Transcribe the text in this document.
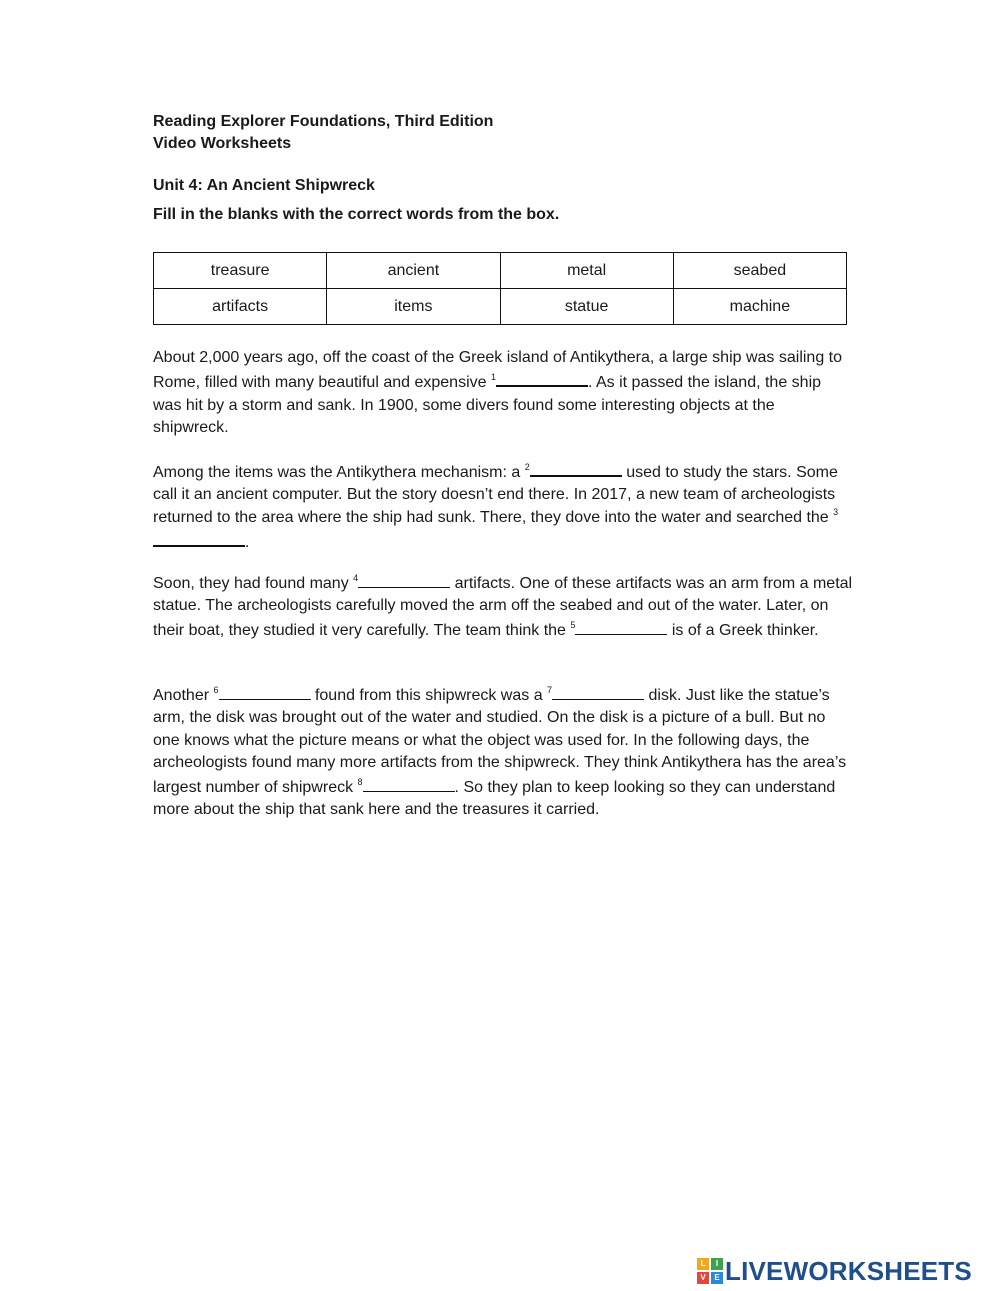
Reading Explorer Foundations, Third Edition
Video Worksheets
Unit 4: An Ancient Shipwreck
Fill in the blanks with the correct words from the box.
treasure	ancient	metal	seabed
artifacts	items	statue	machine

About 2,000 years ago, off the coast of the Greek island of Antikythera, a large ship was sailing to Rome, filled with many beautiful and expensive $^1$	. As it passed the island, the ship was hit by a storm and sank. In 1900, some divers found some interesting objects at the shipwreck.

Among the items was the Antikythera mechanism: a $^2$	used to study the stars. Some call it an ancient computer. But the story doesn’t end there. In 2017, a new team of archeologists returned to the area where the ship had sunk. There, they dove into the water and searched the $^3$.

Soon, they had found many $^4$	artifacts. One of these artifacts was an arm from a metal statue. The archeologists carefully moved the arm off the seabed and out of the water. Later, on their boat, they studied it very carefully. The team think the $^5$	is of a Greek thinker.

Another $^6$	found from this shipwreck was a $^7$	disk. Just like the statue’s arm, the disk was brought out of the water and studied. On the disk is a picture of a bull. But no one knows what the picture means or what the object was used for. In the following days, the archeologists found many more artifacts from the shipwreck. They think Antikythera has the area’s largest number of shipwreck $^8$	. So they plan to keep looking so they can understand more about the ship that sank here and the treasures it carried.

L	I
V	E LIVEWORKSHEETS
